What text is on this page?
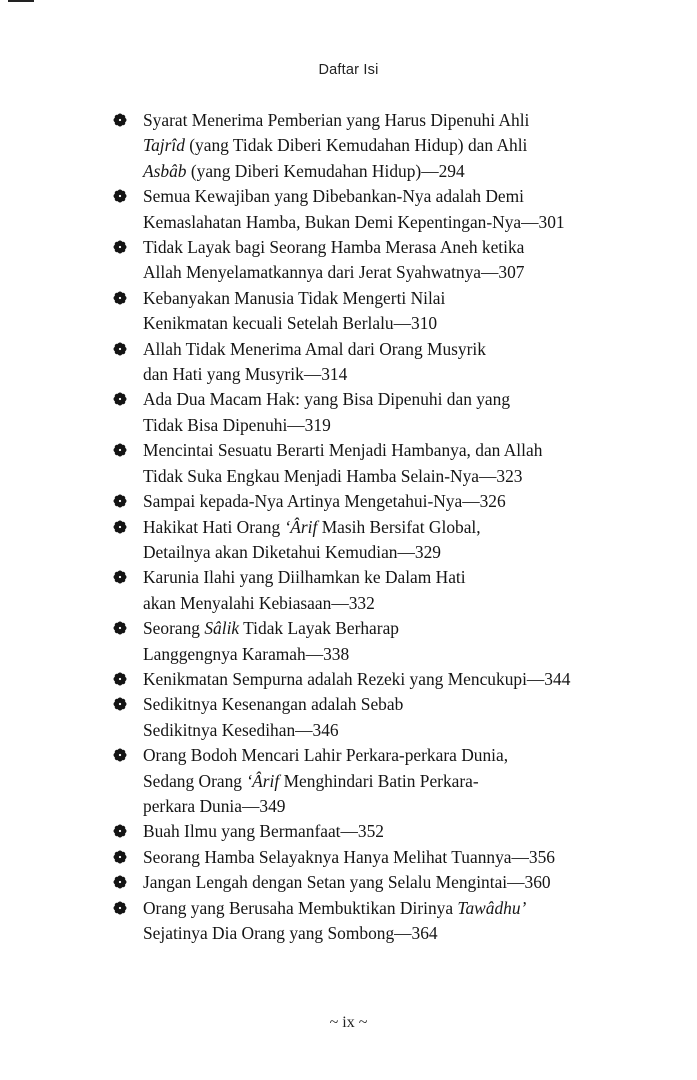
Daftar Isi
Syarat Menerima Pemberian yang Harus Dipenuhi Ahli
Tajrîd (yang Tidak Diberi Kemudahan Hidup) dan Ahli
Asbâb (yang Diberi Kemudahan Hidup)—294
Semua Kewajiban yang Dibebankan-Nya adalah Demi
Kemaslahatan Hamba, Bukan Demi Kepentingan-Nya—301
Tidak Layak bagi Seorang Hamba Merasa Aneh ketika
Allah Menyelamatkannya dari Jerat Syahwatnya—307
Kebanyakan Manusia Tidak Mengerti Nilai
Kenikmatan kecuali Setelah Berlalu—310
Allah Tidak Menerima Amal dari Orang Musyrik
dan Hati yang Musyrik—314
Ada Dua Macam Hak: yang Bisa Dipenuhi dan yang
Tidak Bisa Dipenuhi—319
Mencintai Sesuatu Berarti Menjadi Hambanya, dan Allah
Tidak Suka Engkau Menjadi Hamba Selain-Nya—323
Sampai kepada-Nya Artinya Mengetahui-Nya—326
Hakikat Hati Orang ‘Ârif Masih Bersifat Global,
Detailnya akan Diketahui Kemudian—329
Karunia Ilahi yang Diilhamkan ke Dalam Hati
akan Menyalahi Kebiasaan—332
Seorang Sâlik Tidak Layak Berharap
Langgengnya Karamah—338
Kenikmatan Sempurna adalah Rezeki yang Mencukupi—344
Sedikitnya Kesenangan adalah Sebab
Sedikitnya Kesedihan—346
Orang Bodoh Mencari Lahir Perkara-perkara Dunia,
Sedang Orang ‘Ârif Menghindari Batin Perkara-
perkara Dunia—349
Buah Ilmu yang Bermanfaat—352
Seorang Hamba Selayaknya Hanya Melihat Tuannya—356
Jangan Lengah dengan Setan yang Selalu Mengintai—360
Orang yang Berusaha Membuktikan Dirinya Tawâdhu’
Sejatinya Dia Orang yang Sombong—364
~ ix ~
